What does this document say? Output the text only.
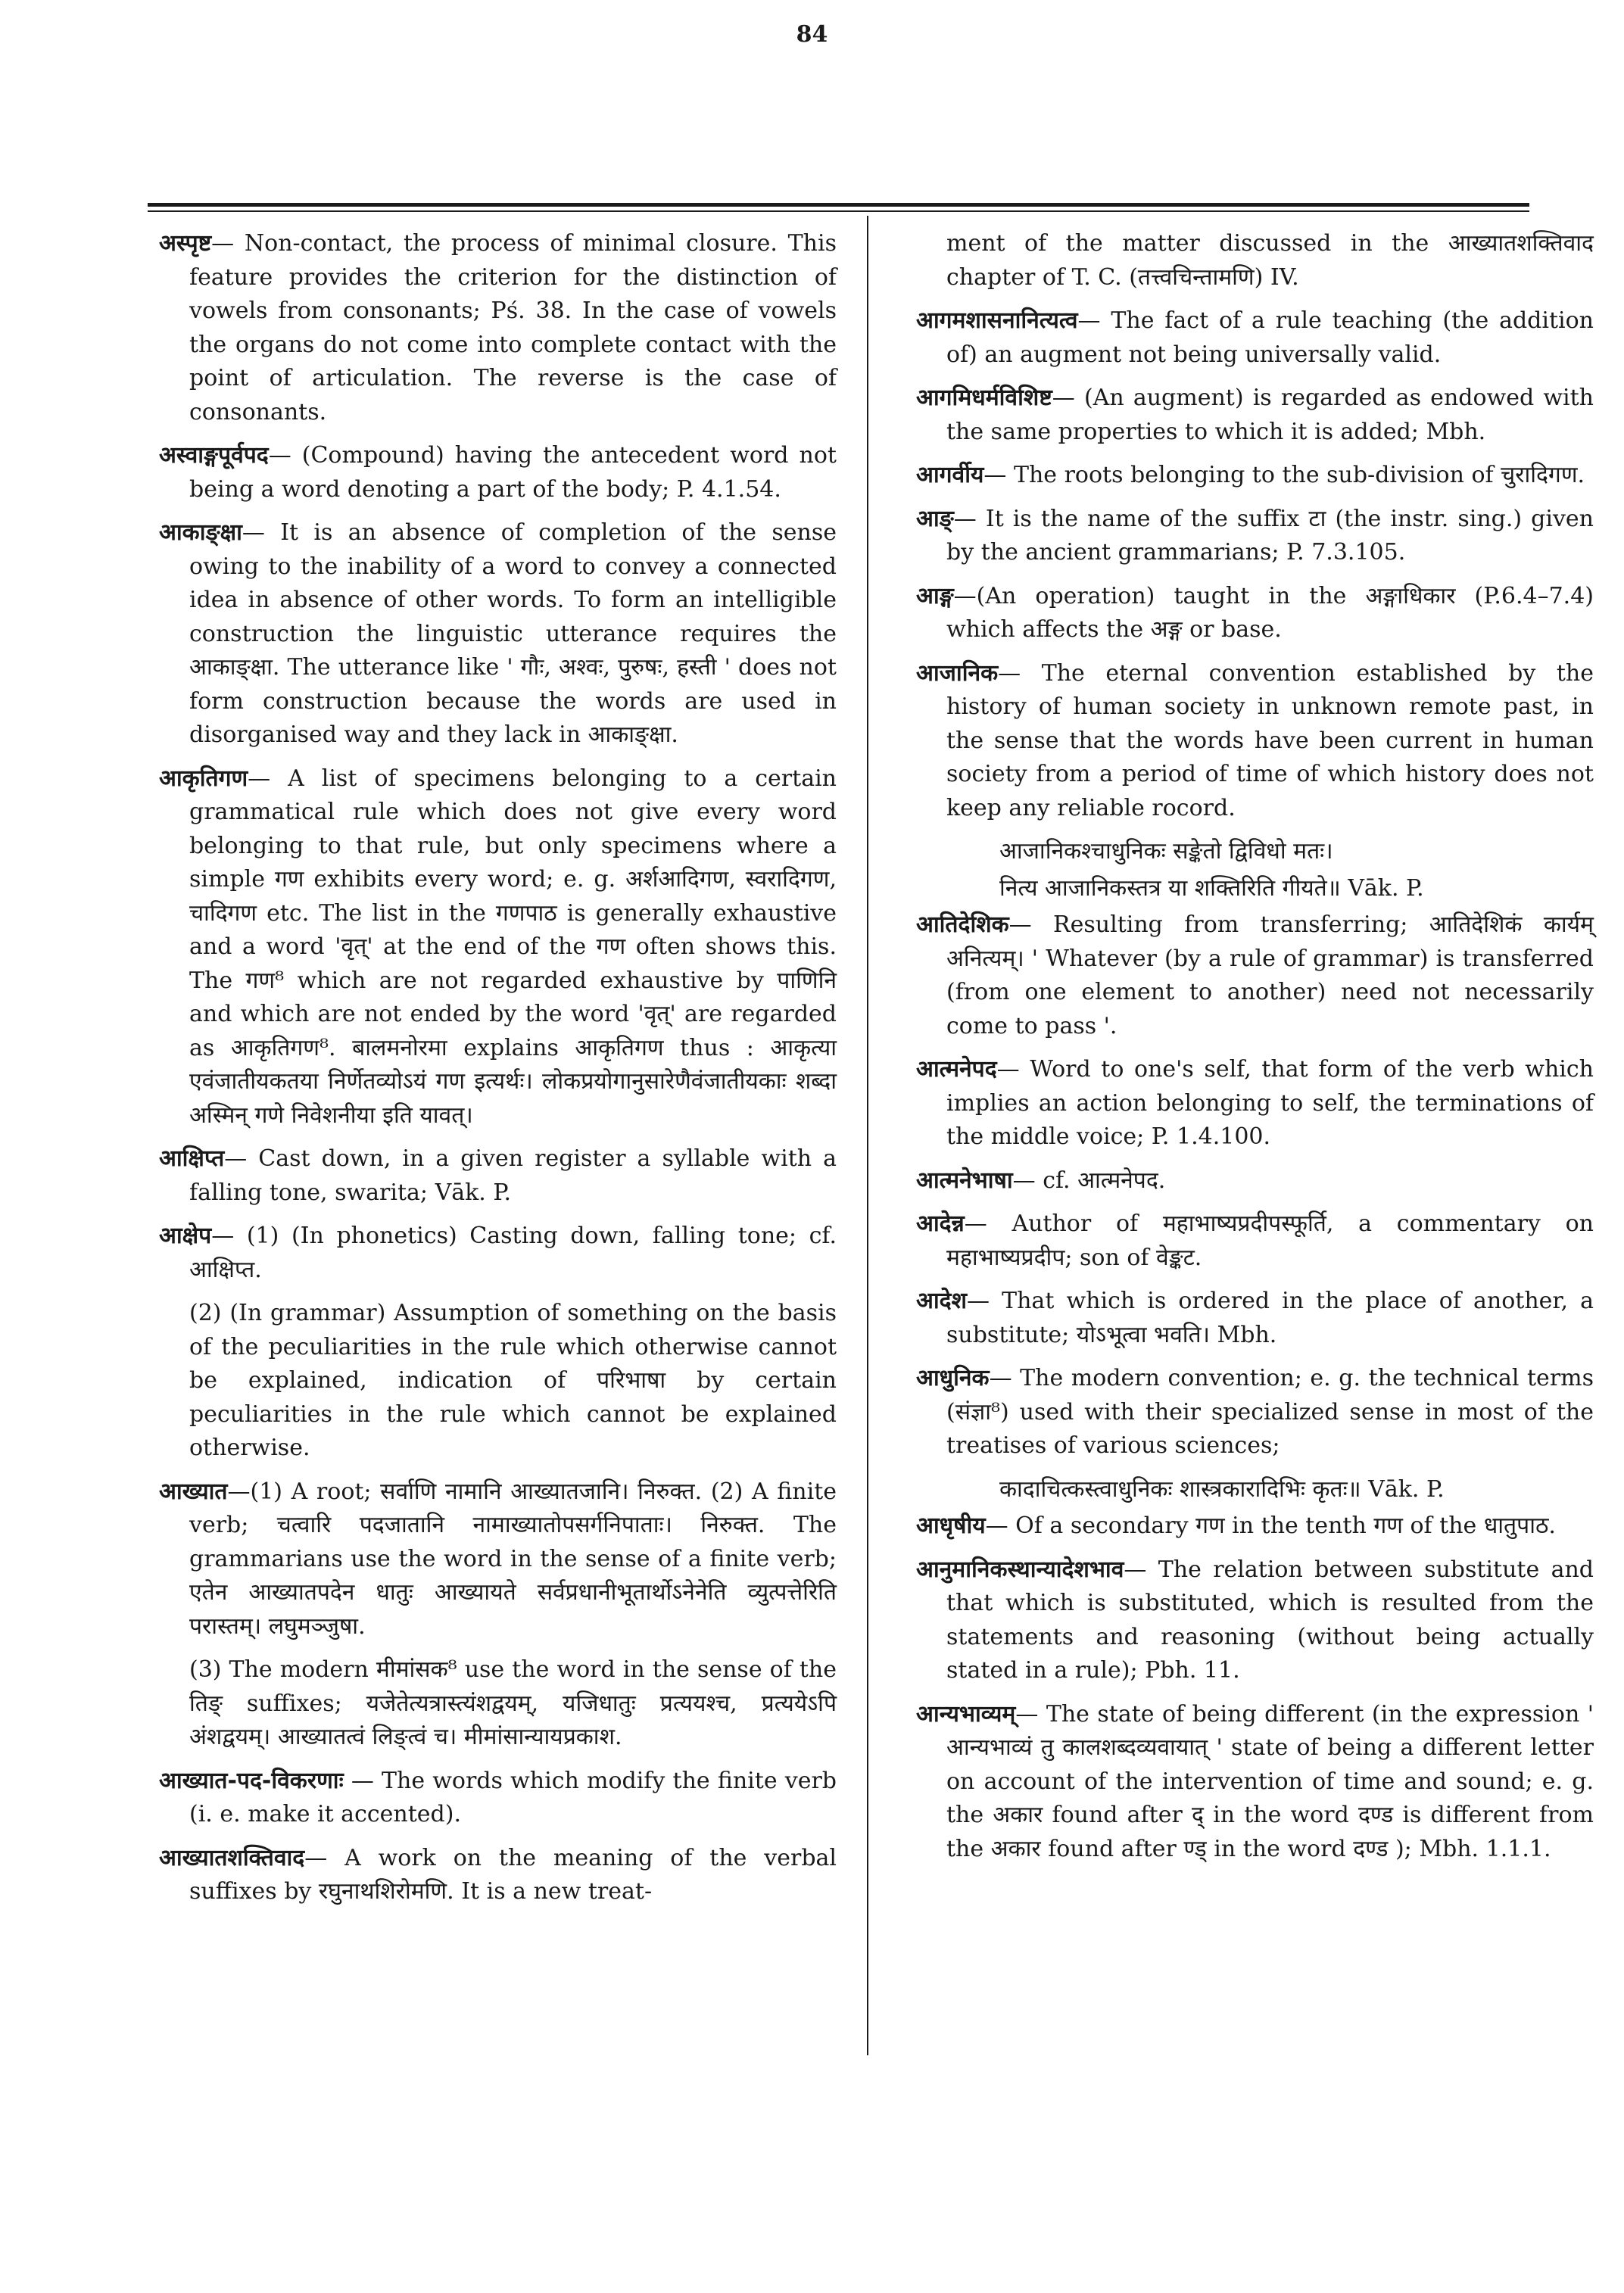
84

अस्पृष्ट— Non-contact, the process of minimal closure. This feature provides the criterion for the distinction of vowels from consonants; Pś. 38. In the case of vowels the organs do not come into complete contact with the point of articulation. The reverse is the case of consonants.

अस्वाङ्गपूर्वपद— (Compound) having the antecedent word not being a word denoting a part of the body; P. 4.1.54.

आकाङ्क्षा— It is an absence of completion of the sense owing to the inability of a word to convey a connected idea in absence of other words. To form an intelligible construction the linguistic utterance requires the आकाङ्क्षा. The utterance like ' गौः, अश्वः, पुरुषः, हस्ती ' does not form construction because the words are used in disorganised way and they lack in आकाङ्क्षा.

आकृतिगण— A list of specimens belonging to a certain grammatical rule which does not give every word belonging to that rule, but only specimens where a simple गण exhibits every word; e. g. अर्शआदिगण, स्वरादिगण, चादिगण etc. The list in the गणपाठ is generally exhaustive and a word 'वृत्' at the end of the गण often shows this. The गण⁸ which are not regarded exhaustive by पाणिनि and which are not ended by the word 'वृत्' are regarded as आकृतिगण⁸. बालमनोरमा explains आकृतिगण thus : आकृत्या एवंजातीयकतया निर्णेतव्योऽयं गण इत्यर्थः। लोकप्रयोगानुसारेणैवंजातीयकाः शब्दा अस्मिन् गणे निवेशनीया इति यावत्।

आक्षिप्त— Cast down, in a given register a syllable with a falling tone, swarita; Vāk. P.

आक्षेप— (1) (In phonetics) Casting down, falling tone; cf. आक्षिप्त.

(2) (In grammar) Assumption of something on the basis of the peculiarities in the rule which otherwise cannot be explained, indication of परिभाषा by certain peculiarities in the rule which cannot be explained otherwise.

आख्यात—(1) A root; सर्वाणि नामानि आख्यातजानि। निरुक्त. (2) A finite verb; चत्वारि पदजातानि नामाख्यातोपसर्गनिपाताः। निरुक्त. The grammarians use the word in the sense of a finite verb; एतेन आख्यातपदेन धातुः आख्यायते सर्वप्रधानीभूतार्थोऽनेनेति व्युत्पत्तेरिति परास्तम्। लघुमञ्जुषा.

(3) The modern मीमांसक⁸ use the word in the sense of the तिङ् suffixes; यजेतेत्यत्रास्त्यंशद्वयम्, यजिधातुः प्रत्ययश्च, प्रत्ययेऽपि अंशद्वयम्। आख्यातत्वं लिङ्त्वं च। मीमांसान्यायप्रकाश.

आख्यात-पद-विकरणाः — The words which modify the finite verb (i. e. make it accented).

आख्यातशक्तिवाद— A work on the meaning of the verbal suffixes by रघुनाथशिरोमणि. It is a new treat-

ment of the matter discussed in the आख्यातशक्तिवाद chapter of T. C. (तत्त्वचिन्तामणि) IV.

आगमशासनानित्यत्व— The fact of a rule teaching (the addition of) an augment not being universally valid.

आगमिधर्मविशिष्ट— (An augment) is regarded as endowed with the same properties to which it is added; Mbh.

आगर्वीय— The roots belonging to the sub-division of चुरादिगण.

आङ्— It is the name of the suffix टा (the instr. sing.) given by the ancient grammarians; P. 7.3.105.

आङ्ग—(An operation) taught in the अङ्गाधिकार (P.6.4–7.4) which affects the अङ्ग or base.

आजानिक— The eternal convention established by the history of human society in unknown remote past, in the sense that the words have been current in human society from a period of time of which history does not keep any reliable rocord.

आजानिकश्चाधुनिकः सङ्केतो द्विविधो मतः।

नित्य आजानिकस्तत्र या शक्तिरिति गीयते॥ Vāk. P.

आतिदेशिक— Resulting from transferring; आतिदेशिकं कार्यम् अनित्यम्। ' Whatever (by a rule of grammar) is transferred (from one element to another) need not necessarily come to pass '.

आत्मनेपद— Word to one's self, that form of the verb which implies an action belonging to self, the terminations of the middle voice; P. 1.4.100.

आत्मनेभाषा— cf. आत्मनेपद.

आदेन्न— Author of महाभाष्यप्रदीपस्फूर्ति, a commentary on महाभाष्यप्रदीप; son of वेङ्कट.

आदेश— That which is ordered in the place of another, a substitute; योऽभूत्वा भवति। Mbh.

आधुनिक— The modern convention; e. g. the technical terms (संज्ञा⁸) used with their specialized sense in most of the treatises of various sciences;

कादाचित्कस्त्वाधुनिकः शास्त्रकारादिभिः कृतः॥ Vāk. P.

आधृषीय— Of a secondary गण in the tenth गण of the धातुपाठ.

आनुमानिकस्थान्यादेशभाव— The relation between substitute and that which is substituted, which is resulted from the statements and reasoning (without being actually stated in a rule); Pbh. 11.

आन्यभाव्यम्— The state of being different (in the expression ' आन्यभाव्यं तु कालशब्दव्यवायात् ' state of being a different letter on account of the intervention of time and sound; e. g. the अकार found after द् in the word दण्ड is different from the अकार found after ण्ड् in the word दण्ड ); Mbh. 1.1.1.
